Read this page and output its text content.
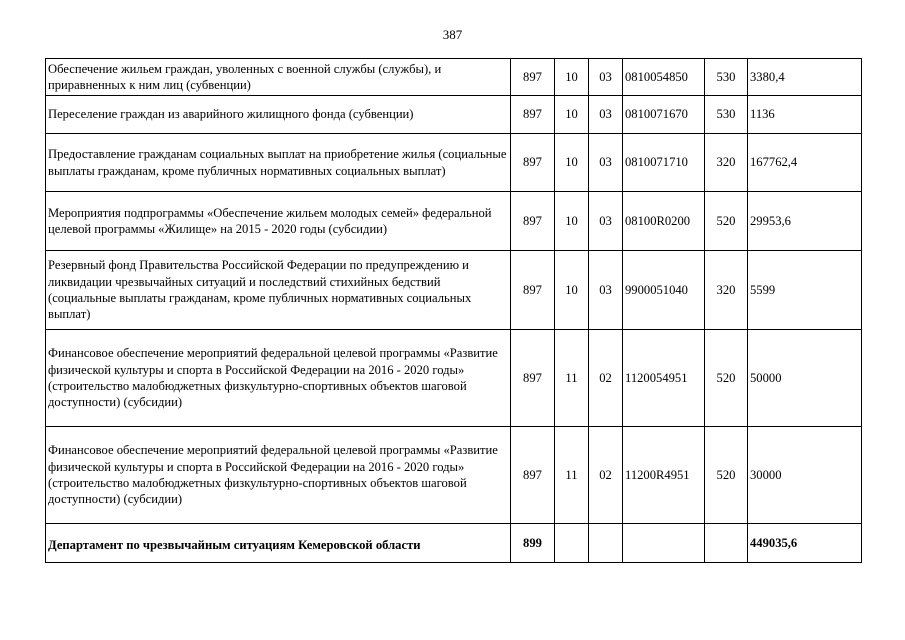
387
Обеспечение жильем граждан, уволенных с военной службы (службы), и приравненных к ним лиц (субвенции)	897	10	03	0810054850	530	3380,4
Переселение граждан из аварийного жилищного фонда (субвенции)	897	10	03	0810071670	530	1136
Предоставление гражданам социальных выплат на приобретение жилья (социальные выплаты гражданам, кроме публичных нормативных социальных выплат)	897	10	03	0810071710	320	167762,4
Мероприятия подпрограммы «Обеспечение жильем молодых семей» федеральной целевой программы «Жилище» на 2015 - 2020 годы (субсидии)	897	10	03	08100R0200	520	29953,6
Резервный фонд Правительства Российской Федерации по предупреждению и ликвидации чрезвычайных ситуаций и последствий стихийных бедствий (социальные выплаты гражданам, кроме публичных нормативных социальных выплат)	897	10	03	9900051040	320	5599
Финансовое обеспечение мероприятий федеральной целевой программы «Развитие физической культуры и спорта в Российской Федерации на 2016 - 2020 годы» (строительство малобюджетных физкультурно-спортивных объектов шаговой доступности) (субсидии)	897	11	02	1120054951	520	50000
Финансовое обеспечение мероприятий федеральной целевой программы «Развитие физической культуры и спорта в Российской Федерации на 2016 - 2020 годы» (строительство малобюджетных физкультурно-спортивных объектов шаговой доступности) (субсидии)	897	11	02	11200R4951	520	30000
Департамент по чрезвычайным ситуациям Кемеровской области	899					449035,6
